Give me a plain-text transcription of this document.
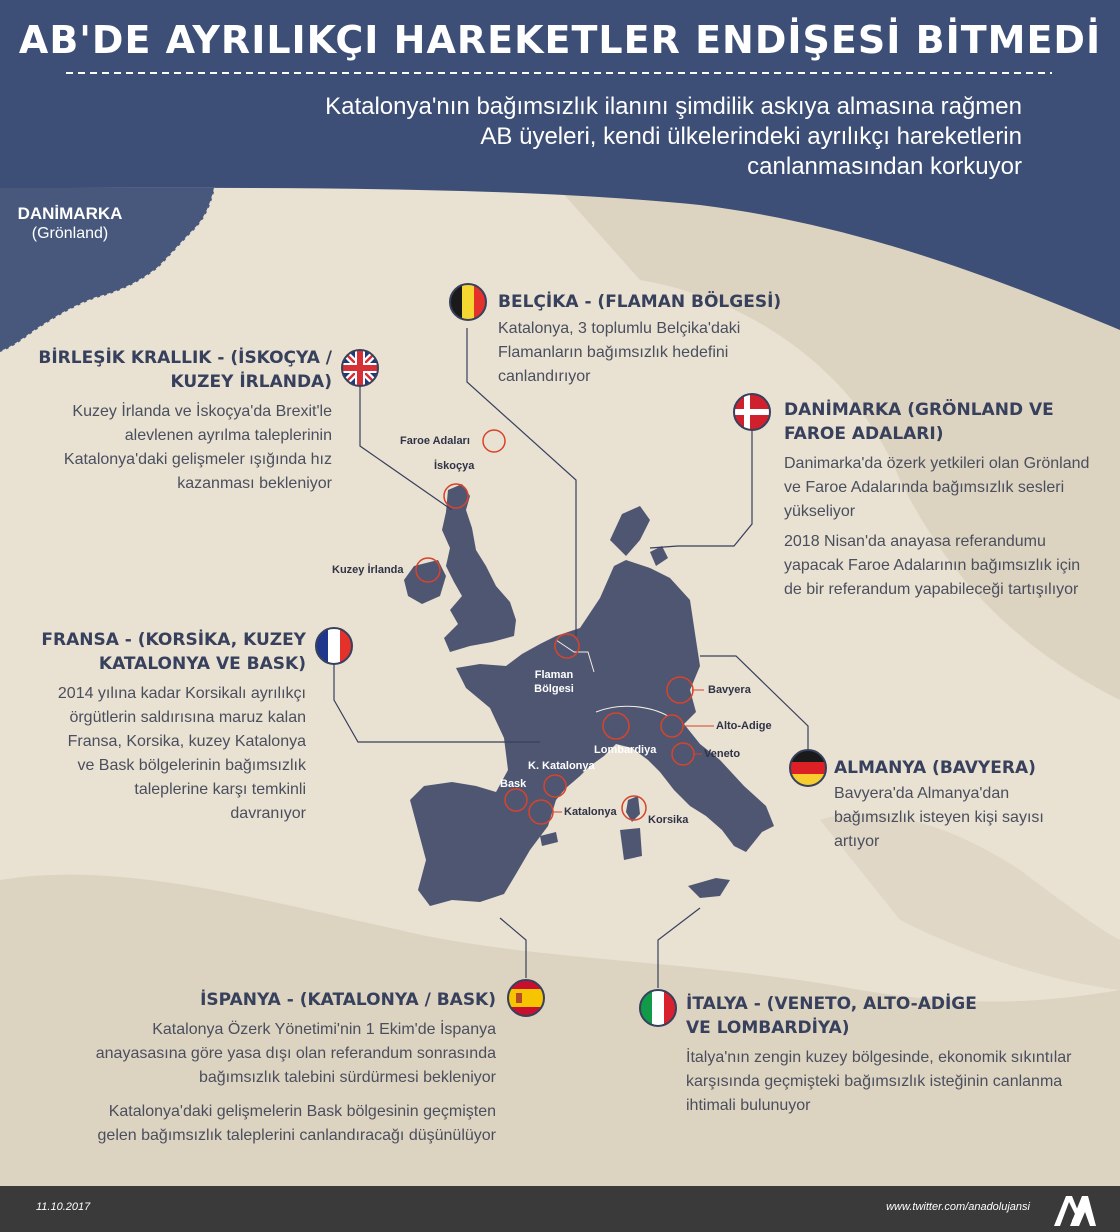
AB'DE AYRILIKÇI HAREKETLER ENDİŞESİ BİTMEDİ
Katalonya'nın bağımsızlık ilanını şimdilik askıya almasına rağmen
AB üyeleri, kendi ülkelerindeki ayrılıkçı hareketlerin
canlanmasından korkuyor
DANİMARKA
(Grönland)
BELÇİKA - (FLAMAN BÖLGESİ)
Katalonya, 3 toplumlu Belçika'daki
Flamanların bağımsızlık hedefini
canlandırıyor
BİRLEŞİK KRALLIK - (İSKOÇYA /
KUZEY İRLANDA)
Kuzey İrlanda ve İskoçya'da Brexit'le
alevlenen ayrılma taleplerinin
Katalonya'daki gelişmeler ışığında hız
kazanması bekleniyor
DANİMARKA (GRÖNLAND VE
FAROE ADALARI)
Danimarka'da özerk yetkileri olan Grönland
ve Faroe Adalarında bağımsızlık sesleri
yükseliyor
2018 Nisan'da anayasa referandumu
yapacak Faroe Adalarının bağımsızlık için
de bir referandum yapabileceği tartışılıyor
FRANSA - (KORSİKA, KUZEY
KATALONYA VE BASK)
2014 yılına kadar Korsikalı ayrılıkçı
örgütlerin saldırısına maruz kalan
Fransa, Korsika, kuzey Katalonya
ve Bask bölgelerinin bağımsızlık
taleplerine karşı temkinli
davranıyor
ALMANYA (BAVYERA)
Bavyera'da Almanya'dan
bağımsızlık isteyen kişi sayısı
artıyor
İSPANYA - (KATALONYA / BASK)
Katalonya Özerk Yönetimi'nin 1 Ekim'de İspanya
anayasasına göre yasa dışı olan referandum sonrasında
bağımsızlık talebini sürdürmesi bekleniyor
Katalonya'daki gelişmelerin Bask bölgesinin geçmişten
gelen bağımsızlık taleplerini canlandıracağı düşünülüyor
İTALYA - (VENETO, ALTO-ADİGE
VE LOMBARDİYA)
İtalya'nın zengin kuzey bölgesinde, ekonomik sıkıntılar
karşısında geçmişteki bağımsızlık isteğinin canlanma
ihtimali bulunuyor
Faroe Adaları
İskoçya
Kuzey İrlanda
Flaman
Bölgesi	Bavyera
Alto-Adige
Lombardiya	Veneto
K. Katalonya
Bask
Katalonya
Korsika
11.10.2017	www.twitter.com/anadolujansi
